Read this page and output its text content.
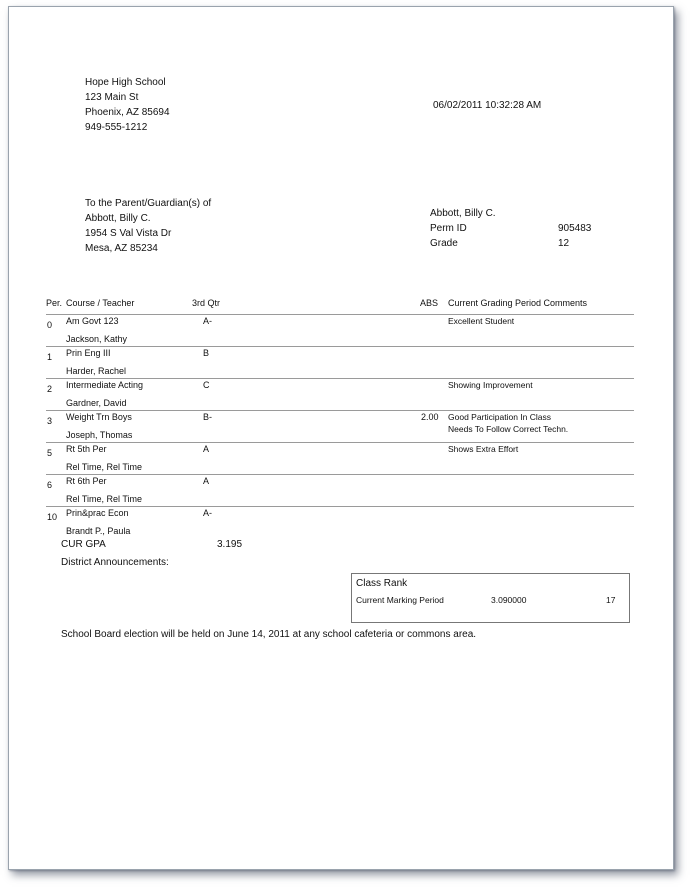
Hope High School
123 Main St
Phoenix, AZ 85694
949-555-1212
06/02/2011 10:32:28 AM
To the Parent/Guardian(s) of
Abbott, Billy C.
1954 S Val Vista Dr
Mesa, AZ 85234
Abbott, Billy C.
Perm ID	905483
Grade	12
Per. Course / Teacher	3rd Qtr	ABS Current Grading Period Comments
0 Am Govt 123
Jackson, Kathy
A-	Excellent Student
1 Prin Eng III
Harder, Rachel
B
2 Intermediate Acting
Gardner, David
C	Showing Improvement
3 Weight Trn Boys
Joseph, Thomas
B-	2.00 Good Participation In Class
Needs To Follow Correct Techn.
5 Rt 5th Per
Rel Time, Rel Time
A	Shows Extra Effort
6 Rt 6th Per
Rel Time, Rel Time
A
10 Prin&prac Econ
Brandt P., Paula
A-
CUR GPA	3.195
District Announcements:
Class Rank
Current Marking Period	3.090000	17
School Board election will be held on June 14, 2011 at any school cafeteria or commons area.
